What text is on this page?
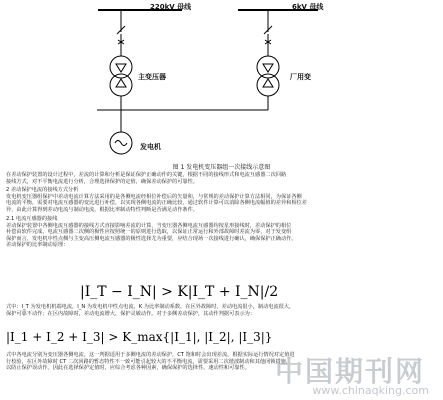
220kV 母线	6kV 母线
主变压器	厂用变
发电机
图 1 发电机变压器组一次接线示意图
在差动保护装置的设计过程中，差流的计算和分析是保证保护正确动作的关键，根据不同的接线形式和电流互感器二次回路
接线方式，对不平衡电流进行分析，合理选择保护的定值，确保差动保护的可靠性。
2 差动保护电流的接线方式分析
发电机变压器组保护中差动电流计算方法采用的是各侧电流经相位补偿后的矢量和，与常规的差动保护计算方法相同，为保证各侧
电流的平衡，需要对电流互感器的变比进行补偿，以实现各侧电流的正确比较，通过软件计算可以消除各侧电流幅值的差异和相位差
异，由此计算得到差动电流与制动电流，根据比率制动特性判断是否满足动作条件。
2.1 电流互感器的接线
差动保护装置中各侧电流互感器的接线方式直接影响差流的计算，当变压器各侧电流互感器均按星形接线时，差动保护的相位
补偿由软件完成。电流互感器二次侧的极性应按照统一的原则进行选取，以保证正常运行和外部故障时差流为零，对于发变组
保护而言，发电机中性点侧与主变高压侧电流互感器的极性选择尤为重要，应结合现场一次接线进行确认，确保保护正确动作。
差动保护的比率制动原理：
|I_T − I_N| > K|I_T + I_N|/2
式中：I_T 为发电机机端电流，I_N 为发电机中性点电流，K 为比率制动系数。在区外故障时，差动电流很小，制动电流很大，
保护可靠不动作；在区内故障时，差动电流增大，保护灵敏动作。对于多侧差动保护，其动作判据可表示为：
|I_1 + I_2 + I_3| > K_max{|I_1|, |I_2|, |I_3|}
式中各电流分别为变压器各侧电流，这一判据适用于多侧电流的差动保护，CT 饱和时会出现差流，根据实际运行情况对定值进
行校验，在区外故障时 CT 二次回路的暂态特性不一致可能引起较大的不平衡电流，需要采用二次谐波制动和其他闭锁措施，
以防止保护误动作。因此在选择保护定值时，应综合考虑各种因素，确保保护的选择性、速动性和可靠性。 中国期刊网
www.chinaqking.com
